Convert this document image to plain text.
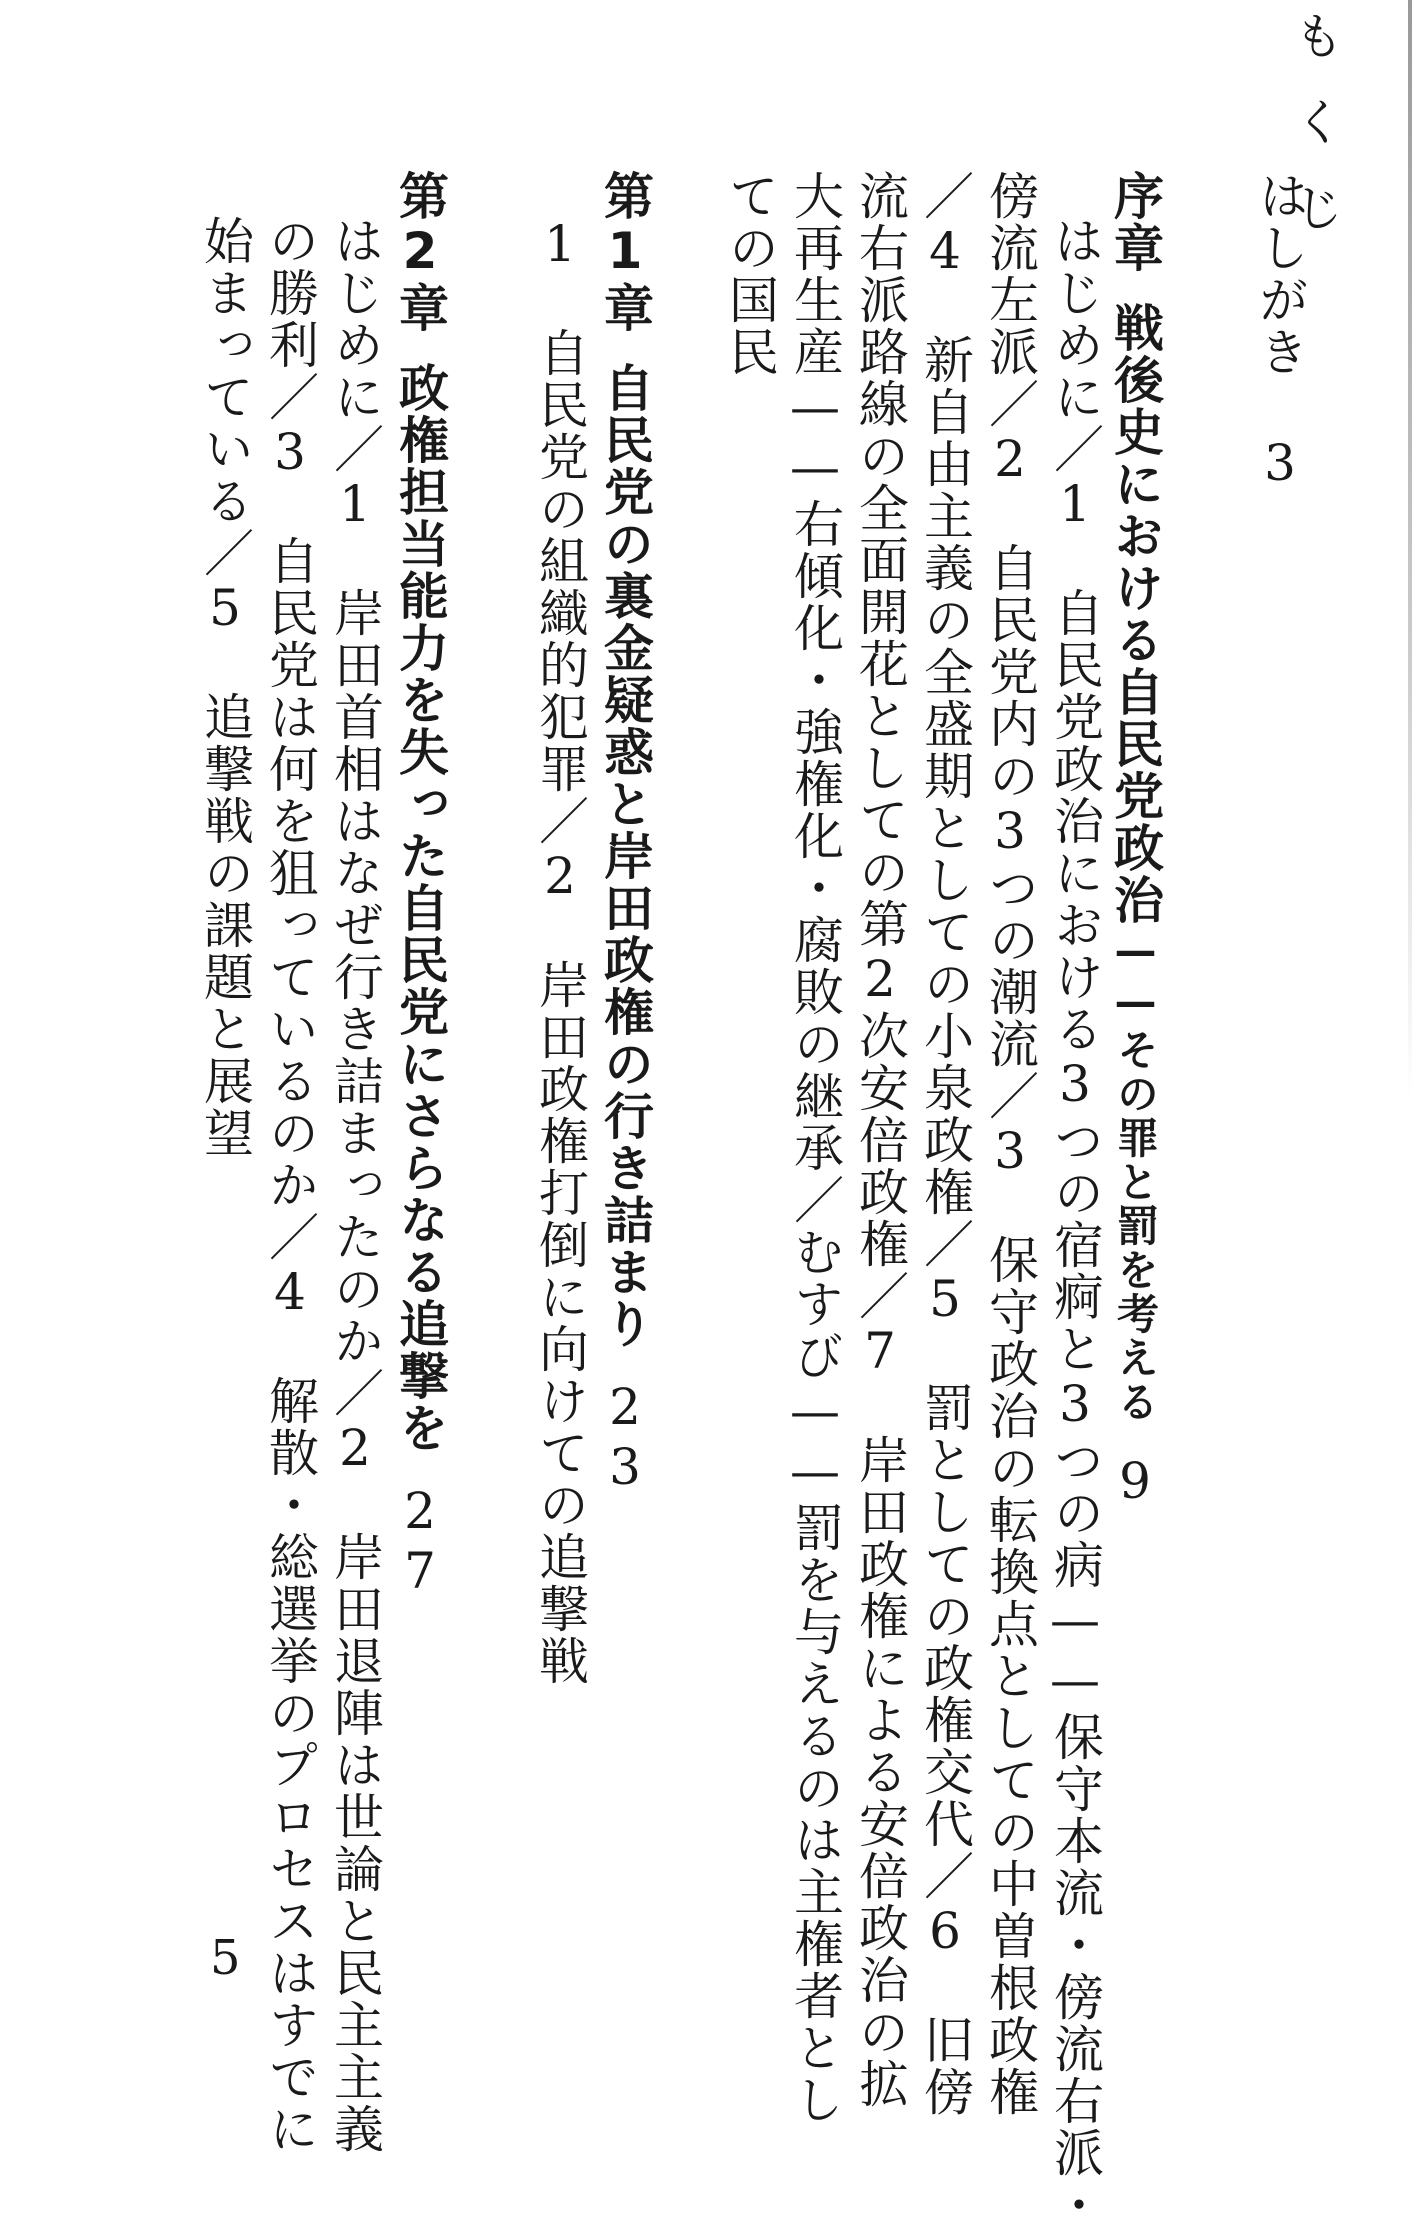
もくじ
はしがき3
序章戦後史における自民党政治——その罪と罰を考える9
はじめに／1　自民党政治における3つの宿痾と3つの病——保守本流・傍流右派・
傍流左派／2　自民党内の3つの潮流／3　保守政治の転換点としての中曽根政権
／4　新自由主義の全盛期としての小泉政権／5　罰としての政権交代／6　旧傍
流右派路線の全面開花としての第2次安倍政権／7　岸田政権による安倍政治の拡
大再生産——右傾化・強権化・腐敗の継承／むすび——罰を与えるのは主権者とし
ての国民
第1章自民党の裏金疑惑と岸田政権の行き詰まり23
1　自民党の組織的犯罪／2　岸田政権打倒に向けての追撃戦
第2章政権担当能力を失った自民党にさらなる追撃を27
はじめに／1　岸田首相はなぜ行き詰まったのか／2　岸田退陣は世論と民主主義
の勝利／3　自民党は何を狙っているのか／4　解散・総選挙のプロセスはすでに
始まっている／5　追撃戦の課題と展望
5
